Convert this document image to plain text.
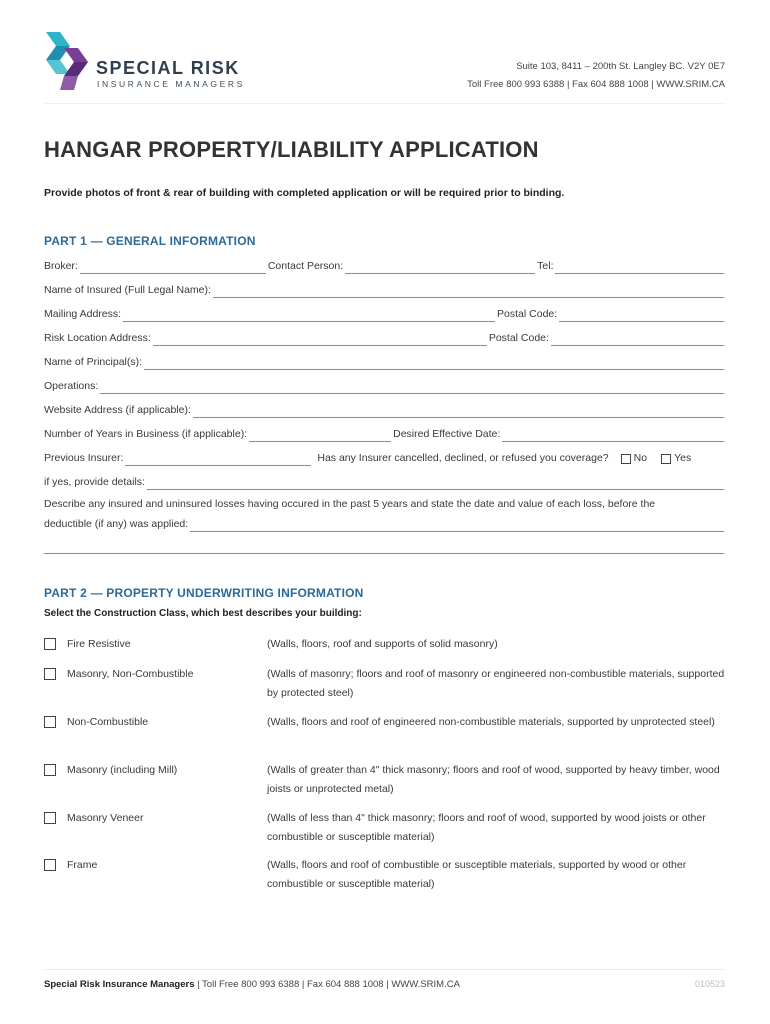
SPECIAL RISK
INSURANCE MANAGERS
Suite 103, 8411 – 200th St. Langley BC. V2Y 0E7
Toll Free 800 993 6388 | Fax 604 888 1008 | WWW.SRIM.CA
HANGAR PROPERTY/LIABILITY APPLICATION
Provide photos of front & rear of building with completed application or will be required prior to binding.
PART 1 — GENERAL INFORMATION
Broker:	Contact Person:	Tel:
Name of Insured (Full Legal Name):
Mailing Address:	Postal Code:
Risk Location Address:	Postal Code:
Name of Principal(s):
Operations:
Website Address (if applicable):
Number of Years in Business (if applicable):	Desired Effective Date:
Previous Insurer:	Has any Insurer cancelled, declined, or refused you coverage? No	Yes
if yes, provide details:
Describe any insured and uninsured losses having occured in the past 5 years and state the date and value of each loss, before the
deductible (if any) was applied:
PART 2 — PROPERTY UNDERWRITING INFORMATION
Select the Construction Class, which best describes your building:
Fire Resistive	(Walls, floors, roof and supports of solid masonry)
Masonry, Non-Combustible	(Walls of masonry; floors and roof of masonry or engineered non-combustible materials, supported by protected steel)
Non-Combustible	(Walls, floors and roof of engineered non-combustible materials, supported by unprotected steel)
Masonry (including Mill)	(Walls of greater than 4" thick masonry; floors and roof of wood, supported by heavy timber, wood joists or unprotected metal)
Masonry Veneer	(Walls of less than 4" thick masonry; floors and roof of wood, supported by wood joists or other combustible or susceptible material)
Frame	(Walls, floors and roof of combustible or susceptible materials, supported by wood or other combustible or susceptible material)
Special Risk Insurance Managers | Toll Free 800 993 6388 | Fax 604 888 1008 | WWW.SRIM.CA	010523
